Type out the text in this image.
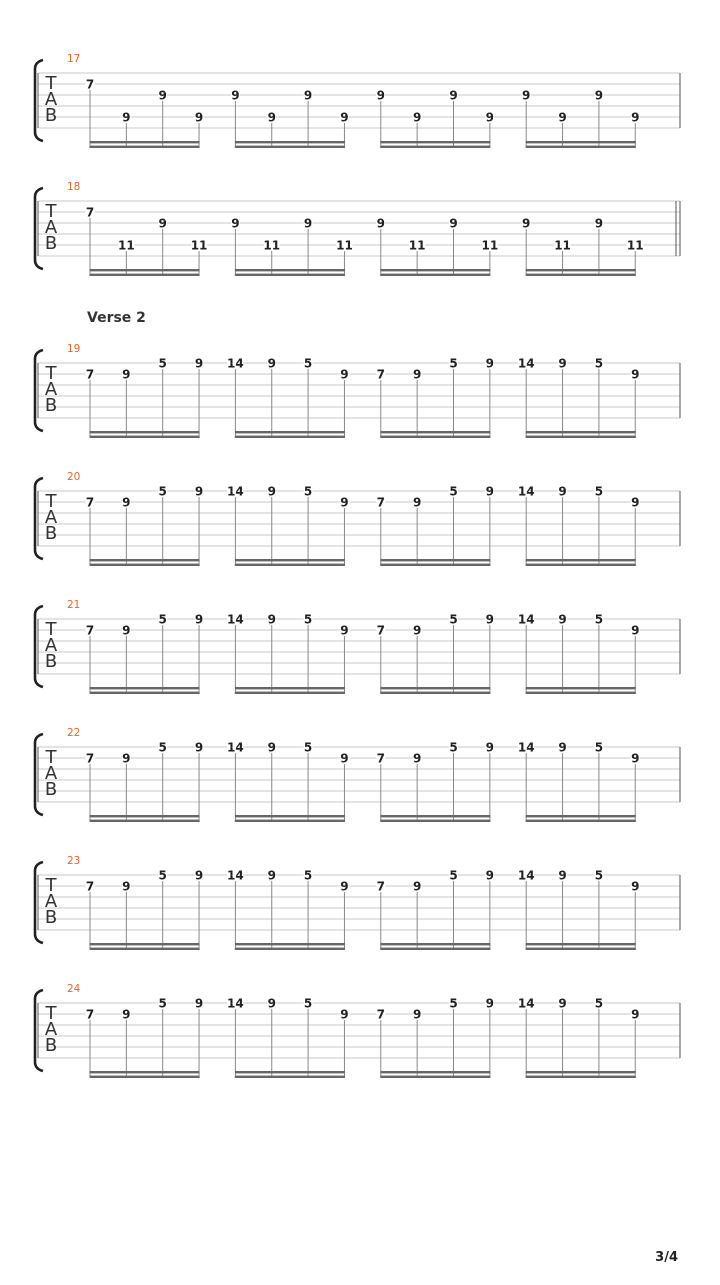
17
T
A
B
7
9
9
9
9
9
9
9
9
9
9
9
9
9
9
9
18
T
A
B
7
11
9
11
9
11
9
11
9
11
9
11
9
11
9
11
19
T
A
B
7 9
5 9 14 9 5
9 7 9
5 9 14 9 5
9
20
T
A
B
7 9
5 9 14 9 5
9 7 9
5 9 14 9 5
9
21
T
A
B
7 9
5 9 14 9 5
9 7 9
5 9 14 9 5
9
22
T
A
B
7 9
5 9 14 9 5
9 7 9
5 9 14 9 5
9
23
T
A
B
7 9
5 9 14 9 5
9 7 9
5 9 14 9 5
9
24
T
A
B
7 9
5 9 14 9 5
9 7 9
5 9 14 9 5
9
Verse 2
3/4
